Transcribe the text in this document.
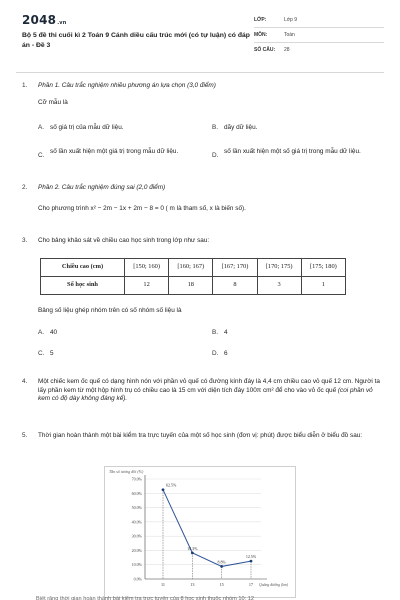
2048.vn
Bộ 5 đề thi cuối kì 2 Toán 9 Cánh diều cấu trúc mới (có tự luận) có đáp án - Đề 3
LỚP:	Lớp 9
MÔN:	Toán
SỐ CÂU:	28
1. Phần 1. Câu trắc nghiệm nhiều phương án lựa chọn (3,0 điểm)
Cỡ mẫu là
A. số giá trị của mẫu dữ liệu.	B. dãy dữ liệu.
C.
số lần xuất hiện một giá trị trong mẫu dữ liệu.
D.
số lần xuất hiện một số giá trị trong mẫu dữ liệu.
2. Phần 2. Câu trắc nghiệm đúng sai (2,0 điểm)
Cho phương trình x² − 2m − 1x + 2m − 8 = 0 ( m là tham số, x là biến số).
3. Cho bảng khảo sát về chiều cao học sinh trong lớp như sau:
Chiều cao (cm)	[150; 160)	[160; 167)	[167; 170)	[170; 175)	[175; 180)
Số học sinh	12	18	8	3	1
Bảng số liệu ghép nhóm trên có số nhóm số liệu là
A. 40	B. 4
C. 5	D. 6
4. Một chiếc kem ốc quế có dạng hình nón với phần vỏ quế có đường kính đáy là 4,4 cm chiều cao vỏ quế 12 cm. Người ta lấy phần kem từ một hộp hình trụ có chiều cao là 15 cm với diện tích đáy 100π cm² để cho vào vỏ ốc quế (coi phần vỏ kem có độ dày không đáng kể).
5. Thời gian hoàn thành một bài kiểm tra trực tuyến của một số học sinh (đơn vị: phút) được biểu diễn ở biểu đồ sau:
Tần số tương đối (%)
70.0%
60.0%
50.0%
40.0%
30.0%
20.0%
10.0%
0.0%
62.5%
11
18.3%
13
8.8%
15
12.5%
17 Quãng đường (km)
Biết rằng thời gian hoàn thành bài kiểm tra trực tuyến của 8 học sinh thuộc nhóm 10; 12
